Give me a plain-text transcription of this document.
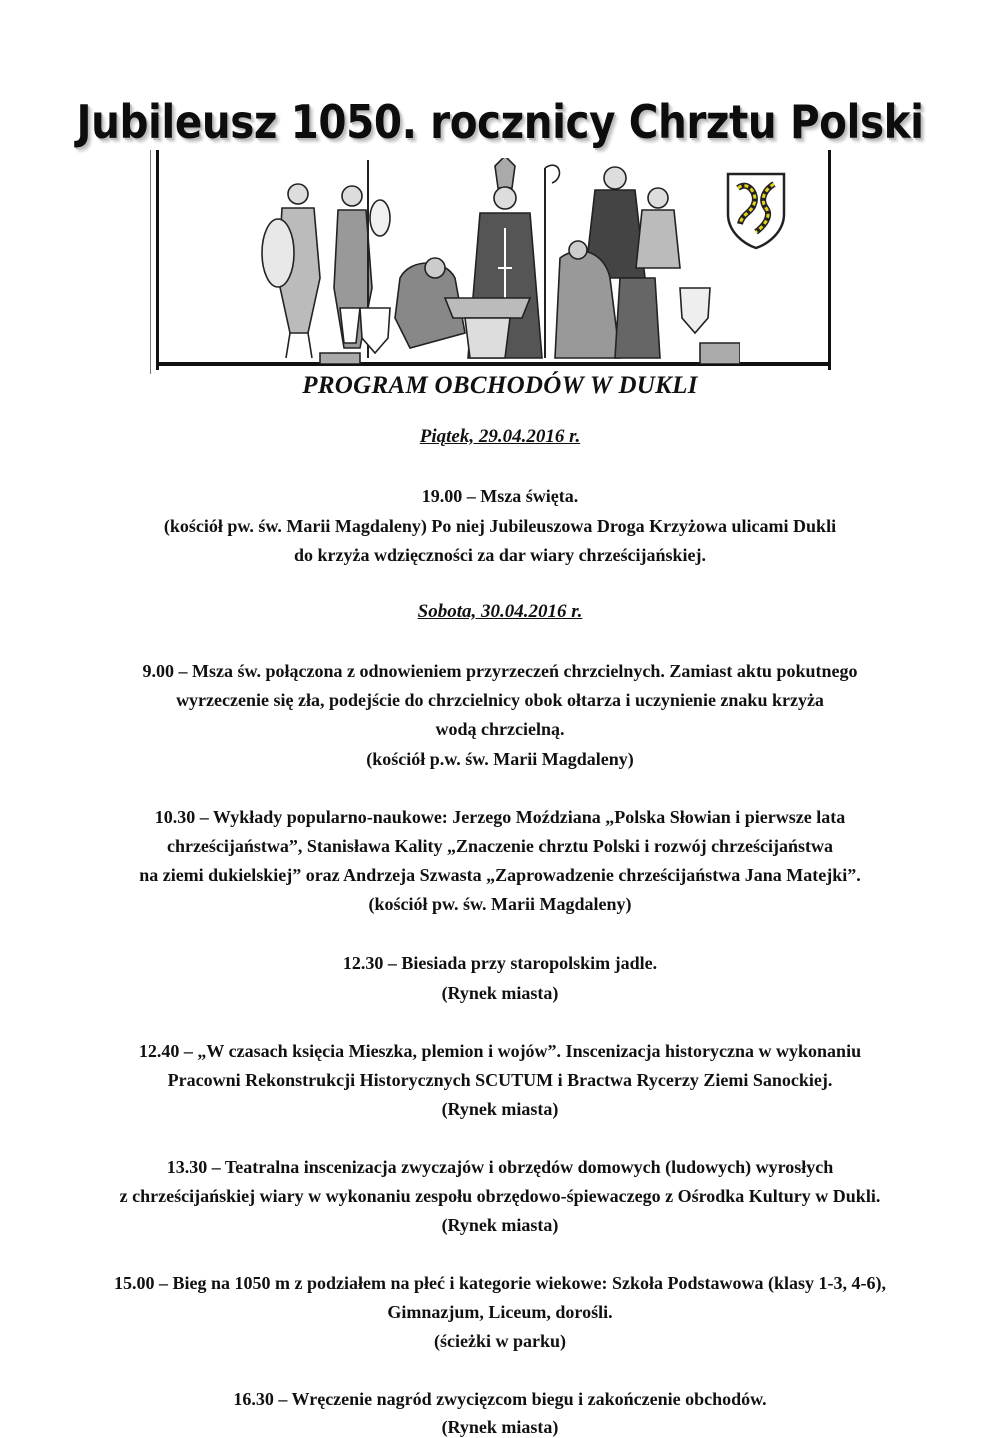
Jubileusz 1050. rocznicy Chrztu Polski
PROGRAM OBCHODÓW W DUKLI
Piątek, 29.04.2016 r.
19.00 – Msza święta.
(kościół pw. św. Marii Magdaleny) Po niej Jubileuszowa Droga Krzyżowa ulicami Dukli
do krzyża wdzięczności za dar wiary chrześcijańskiej.
Sobota, 30.04.2016 r.
9.00 – Msza św. połączona z odnowieniem przyrzeczeń chrzcielnych. Zamiast aktu pokutnego
wyrzeczenie się zła, podejście do chrzcielnicy obok ołtarza i uczynienie znaku krzyża
wodą chrzcielną.
(kościół p.w. św. Marii Magdaleny)
10.30 – Wykłady popularno-naukowe: Jerzego Moździana „Polska Słowian i pierwsze lata
chrześcijaństwa”, Stanisława Kality „Znaczenie chrztu Polski i rozwój chrześcijaństwa
na ziemi dukielskiej” oraz Andrzeja Szwasta „Zaprowadzenie chrześcijaństwa Jana Matejki”.
(kościół pw. św. Marii Magdaleny)
12.30 – Biesiada przy staropolskim jadle.
(Rynek miasta)
12.40 – „W czasach księcia Mieszka, plemion i wojów”. Inscenizacja historyczna w wykonaniu
Pracowni Rekonstrukcji Historycznych SCUTUM i Bractwa Rycerzy Ziemi Sanockiej.
(Rynek miasta)
13.30 – Teatralna inscenizacja zwyczajów i obrzędów domowych (ludowych) wyrosłych
z chrześcijańskiej wiary w wykonaniu zespołu obrzędowo-śpiewaczego z Ośrodka Kultury w Dukli.
(Rynek miasta)
15.00 – Bieg na 1050 m z podziałem na płeć i kategorie wiekowe: Szkoła Podstawowa (klasy 1-3, 4-6),
Gimnazjum, Liceum, dorośli.
(ścieżki w parku)
16.30 – Wręczenie nagród zwycięzcom biegu i zakończenie obchodów.
(Rynek miasta)
